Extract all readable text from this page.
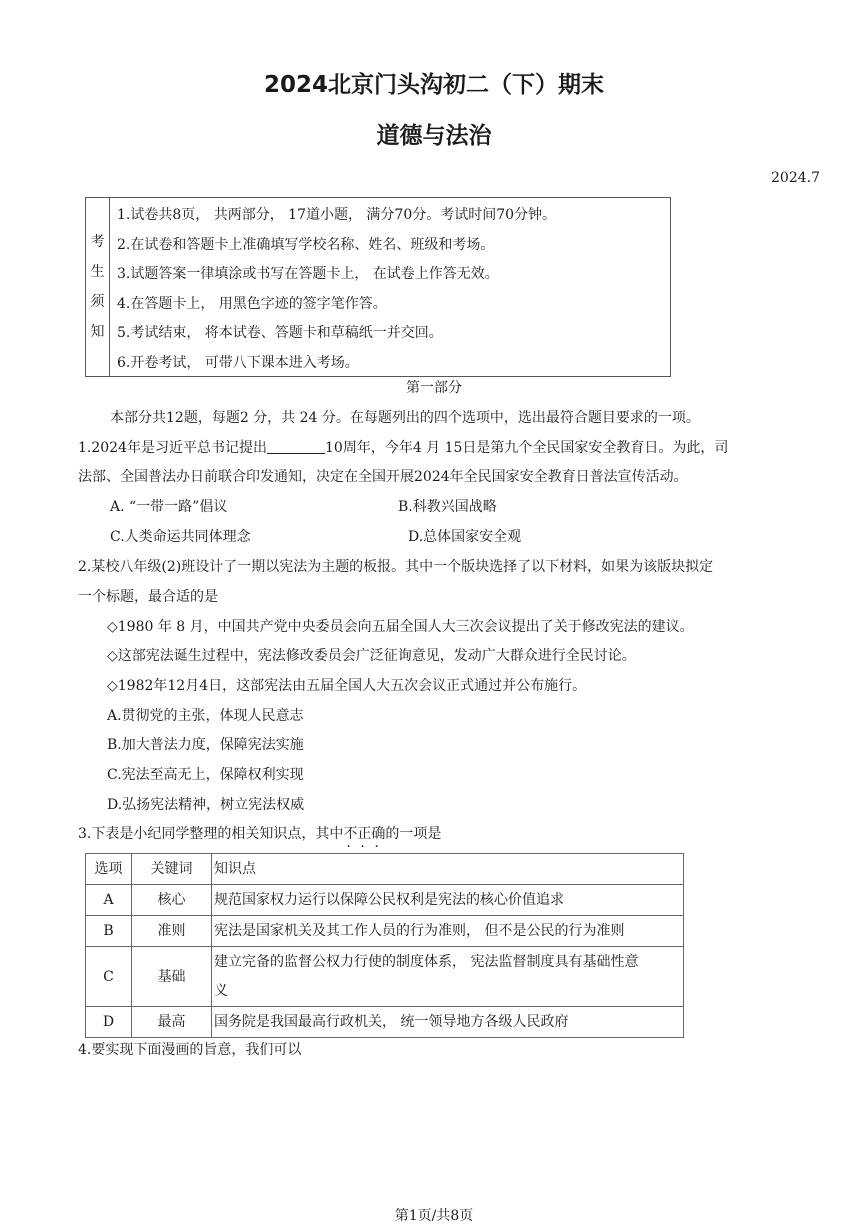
2024北京门头沟初二（下）期末
道德与法治
2024.7
考
生
须
知
1.试卷共8页， 共两部分， 17道小题， 满分70分。考试时间70分钟。
2.在试卷和答题卡上准确填写学校名称、姓名、班级和考场。
3.试题答案一律填涂或书写在答题卡上， 在试卷上作答无效。
4.在答题卡上， 用黑色字迹的签字笔作答。
5.考试结束， 将本试卷、答题卡和草稿纸一并交回。
6.开卷考试， 可带八下课本进入考场。
第一部分
本部分共12题，每题2 分，共 24 分。在每题列出的四个选项中，选出最符合题目要求的一项。
1.2024年是习近平总书记提出	10周年，今年4 月 15日是第九个全民国家安全教育日。为此，司
法部、全国普法办日前联合印发通知，决定在全国开展2024年全民国家安全教育日普法宣传活动。
A. “一带一路”倡议	B.科教兴国战略
C.人类命运共同体理念	D.总体国家安全观
2.某校八年级(2)班设计了一期以宪法为主题的板报。其中一个版块选择了以下材料，如果为该版块拟定
一个标题，最合适的是
◇1980 年 8 月，中国共产党中央委员会向五届全国人大三次会议提出了关于修改宪法的建议。
◇这部宪法诞生过程中，宪法修改委员会广泛征询意见，发动广大群众进行全民讨论。
◇1982年12月4日，这部宪法由五届全国人大五次会议正式通过并公布施行。
A.贯彻党的主张，体现人民意志
B.加大普法力度，保障宪法实施
C.宪法至高无上，保障权利实现
D.弘扬宪法精神，树立宪法权威
3.下表是小纪同学整理的相关知识点，其中不正确的一项是
选项	关键词	知识点
A	核心	规范国家权力运行以保障公民权利是宪法的核心价值追求
B	准则	宪法是国家机关及其工作人员的行为准则， 但不是公民的行为准则
C	基础	建立完备的监督公权力行使的制度体系， 宪法监督制度具有基础性意
义

D	最高	国务院是我国最高行政机关， 统一领导地方各级人民政府
4.要实现下面漫画的旨意，我们可以
第1页/共8页
